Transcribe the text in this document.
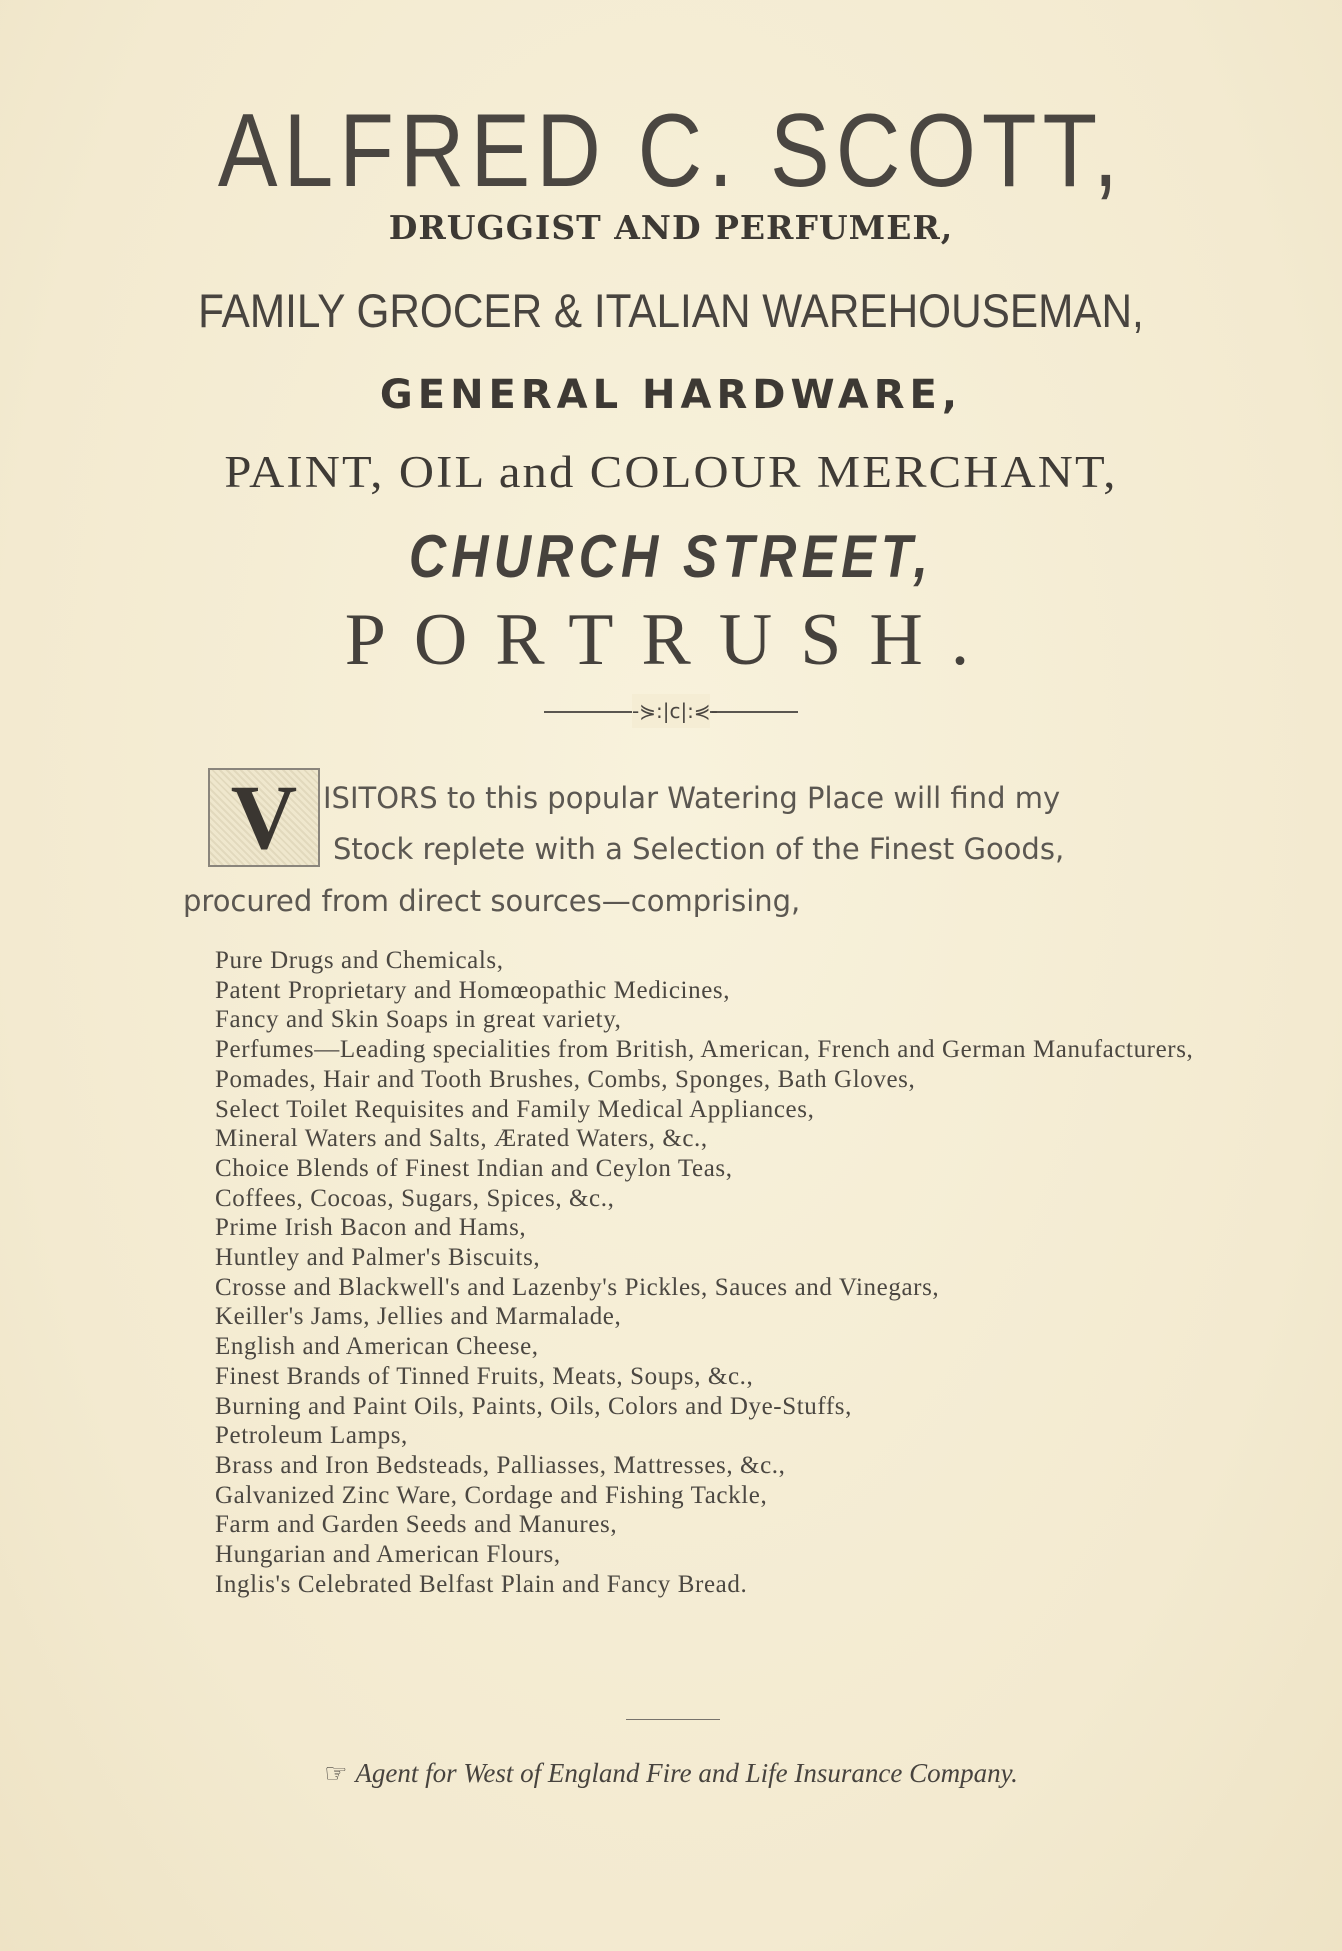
ALFRED C. SCOTT,
DRUGGIST AND PERFUMER,
FAMILY GROCER & ITALIAN WAREHOUSEMAN,
GENERAL HARDWARE,
PAINT, OIL and COLOUR MERCHANT,
CHURCH STREET,
PORTRUSH.
-⋟:|c|:⋞-
V ISITORS to this popular Watering Place will find my
Stock replete with a Selection of the Finest Goods,
procured from direct sources—comprising,
Pure Drugs and Chemicals,
Patent Proprietary and Homœopathic Medicines,
Fancy and Skin Soaps in great variety,
Perfumes—Leading specialities from British, American, French and German Manufacturers,
Pomades, Hair and Tooth Brushes, Combs, Sponges, Bath Gloves,
Select Toilet Requisites and Family Medical Appliances,
Mineral Waters and Salts, Ærated Waters, &c.,
Choice Blends of Finest Indian and Ceylon Teas,
Coffees, Cocoas, Sugars, Spices, &c.,
Prime Irish Bacon and Hams,
Huntley and Palmer's Biscuits,
Crosse and Blackwell's and Lazenby's Pickles, Sauces and Vinegars,
Keiller's Jams, Jellies and Marmalade,
English and American Cheese,
Finest Brands of Tinned Fruits, Meats, Soups, &c.,
Burning and Paint Oils, Paints, Oils, Colors and Dye-Stuffs,
Petroleum Lamps,
Brass and Iron Bedsteads, Palliasses, Mattresses, &c.,
Galvanized Zinc Ware, Cordage and Fishing Tackle,
Farm and Garden Seeds and Manures,
Hungarian and American Flours,
Inglis's Celebrated Belfast Plain and Fancy Bread.
☞ Agent for West of England Fire and Life Insurance Company.
